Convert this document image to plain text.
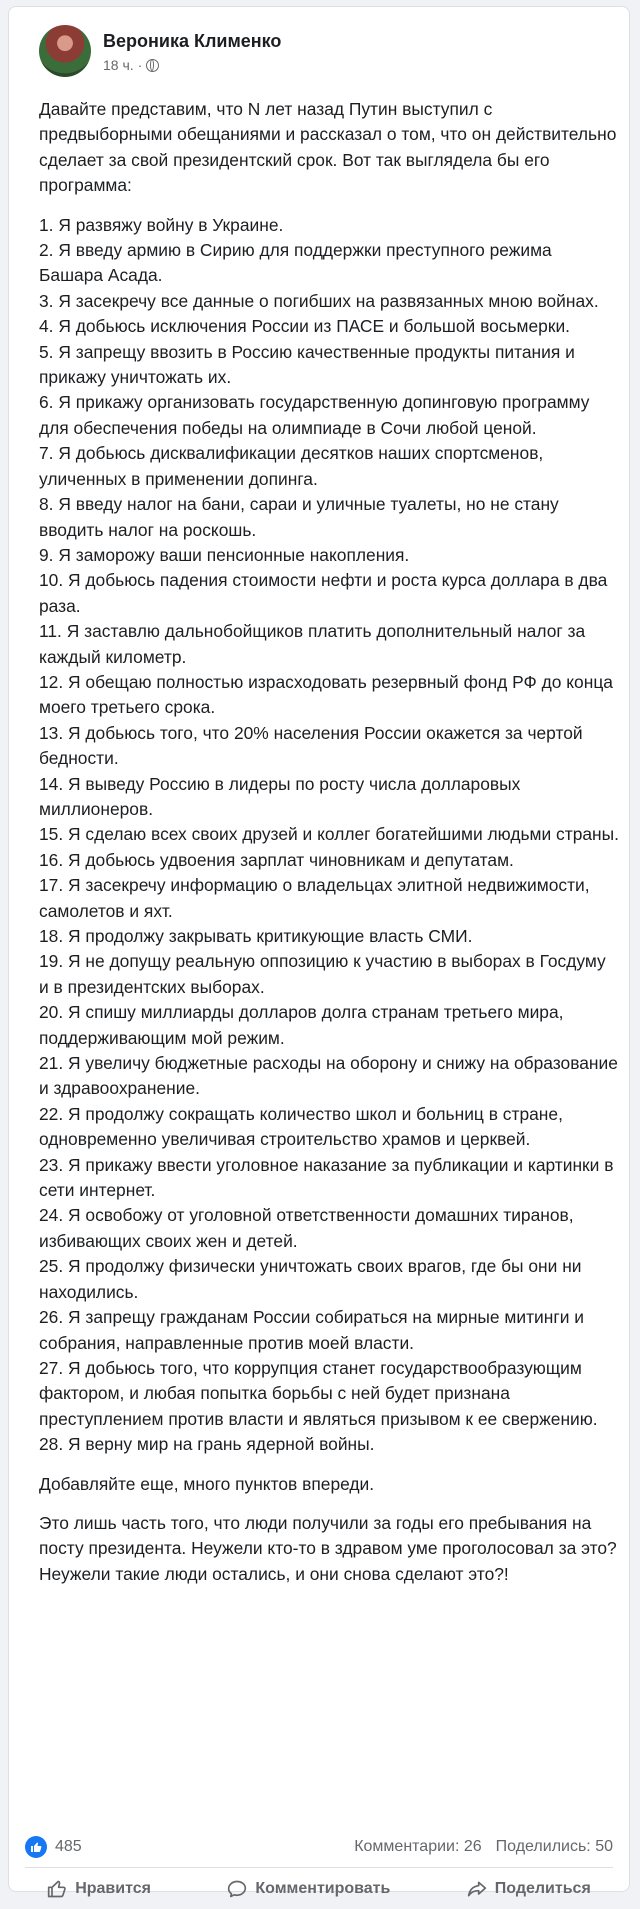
Вероника Клименко
18 ч. ·

Давайте представим, что N лет назад Путин выступил с предвыборными обещаниями и рассказал о том, что он действительно сделает за свой президентский срок. Вот так выглядела бы его программа:

1. Я развяжу войну в Украине.
2. Я введу армию в Сирию для поддержки преступного режима Башара Асада.
3. Я засекречу все данные о погибших на развязанных мною войнах.
4. Я добьюсь исключения России из ПАСЕ и большой восьмерки.
5. Я запрещу ввозить в Россию качественные продукты питания и прикажу уничтожать их.
6. Я прикажу организовать государственную допинговую программу для обеспечения победы на олимпиаде в Сочи любой ценой.
7. Я добьюсь дисквалификации десятков наших спортсменов, уличенных в применении допинга.
8. Я введу налог на бани, сараи и уличные туалеты, но не стану вводить налог на роскошь.
9. Я заморожу ваши пенсионные накопления.
10. Я добьюсь падения стоимости нефти и роста курса доллара в два раза.
11. Я заставлю дальнобойщиков платить дополнительный налог за каждый километр.
12. Я обещаю полностью израсходовать резервный фонд РФ до конца моего третьего срока.
13. Я добьюсь того, что 20% населения России окажется за чертой бедности.
14. Я выведу Россию в лидеры по росту числа долларовых миллионеров.
15. Я сделаю всех своих друзей и коллег богатейшими людьми страны.
16. Я добьюсь удвоения зарплат чиновникам и депутатам.
17. Я засекречу информацию о владельцах элитной недвижимости, самолетов и яхт.
18. Я продолжу закрывать критикующие власть СМИ.
19. Я не допущу реальную оппозицию к участию в выборах в Госдуму и в президентских выборах.
20. Я спишу миллиарды долларов долга странам третьего мира, поддерживающим мой режим.
21. Я увеличу бюджетные расходы на оборону и снижу на образование и здравоохранение.
22. Я продолжу сокращать количество школ и больниц в стране, одновременно увеличивая строительство храмов и церквей.
23. Я прикажу ввести уголовное наказание за публикации и картинки в сети интернет.
24. Я освобожу от уголовной ответственности домашних тиранов, избивающих своих жен и детей.
25. Я продолжу физически уничтожать своих врагов, где бы они ни находились.
26. Я запрещу гражданам России собираться на мирные митинги и собрания, направленные против моей власти.
27. Я добьюсь того, что коррупция станет государствообразующим фактором, и любая попытка борьбы с ней будет признана преступлением против власти и являться призывом к ее свержению.
28. Я верну мир на грань ядерной войны.

Добавляйте еще, много пунктов впереди.

Это лишь часть того, что люди получили за годы его пребывания на посту президента. Неужели кто-то в здравом уме проголосовал за это? Неужели такие люди остались, и они снова сделают это?!

485	Комментарии: 26 Поделились: 50
Нравится	Комментировать	Поделиться
